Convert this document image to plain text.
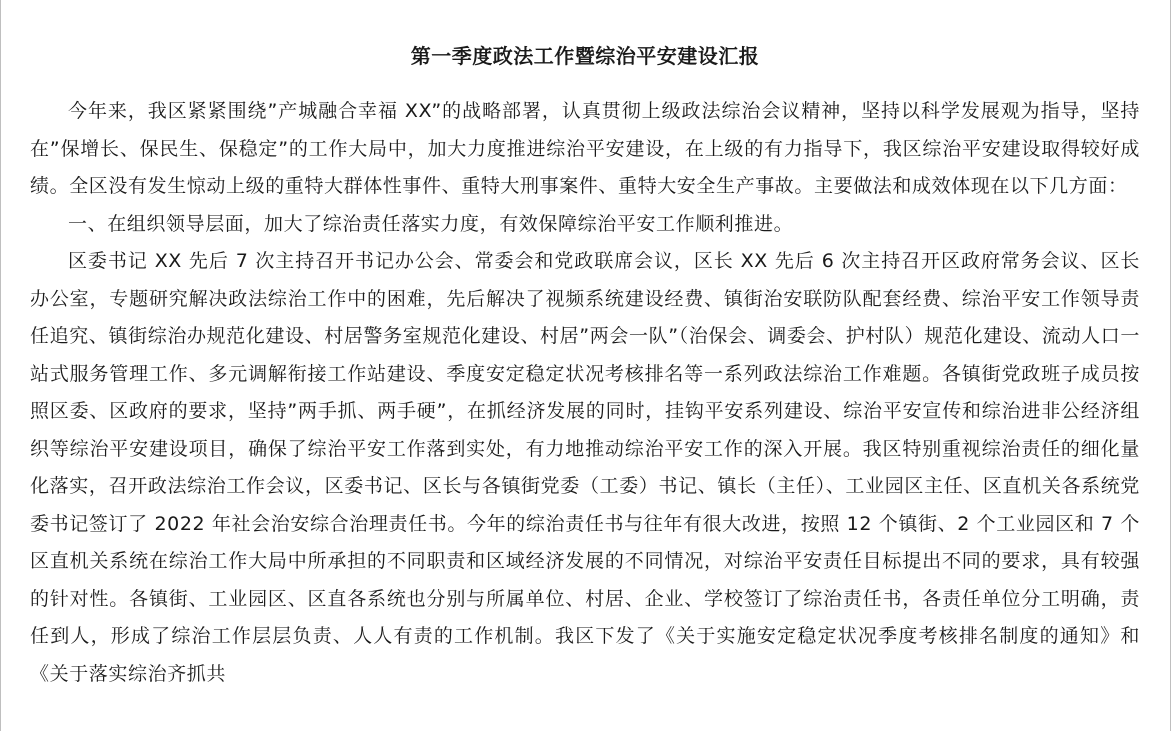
第一季度政法工作暨综治平安建设汇报

今年来，我区紧紧围绕”产城融合幸福 XX”的战略部署，认真贯彻上级政法综治会议精神，坚持以科学发展观为指导，坚持在”保增长、保民生、保稳定”的工作大局中，加大力度推进综治平安建设，在上级的有力指导下，我区综治平安建设取得较好成绩。全区没有发生惊动上级的重特大群体性事件、重特大刑事案件、重特大安全生产事故。主要做法和成效体现在以下几方面：

一、在组织领导层面，加大了综治责任落实力度，有效保障综治平安工作顺利推进。

区委书记 XX 先后 7 次主持召开书记办公会、常委会和党政联席会议，区长 XX 先后 6 次主持召开区政府常务会议、区长办公室，专题研究解决政法综治工作中的困难，先后解决了视频系统建设经费、镇街治安联防队配套经费、综治平安工作领导责任追究、镇街综治办规范化建设、村居警务室规范化建设、村居”两会一队”（治保会、调委会、护村队）规范化建设、流动人口一站式服务管理工作、多元调解衔接工作站建设、季度安定稳定状况考核排名等一系列政法综治工作难题。各镇街党政班子成员按照区委、区政府的要求，坚持”两手抓、两手硬”，在抓经济发展的同时，挂钩平安系列建设、综治平安宣传和综治进非公经济组织等综治平安建设项目，确保了综治平安工作落到实处，有力地推动综治平安工作的深入开展。我区特别重视综治责任的细化量化落实，召开政法综治工作会议，区委书记、区长与各镇街党委（工委）书记、镇长（主任）、工业园区主任、区直机关各系统党委书记签订了 2022 年社会治安综合治理责任书。今年的综治责任书与往年有很大改进，按照 12 个镇街、2 个工业园区和 7 个区直机关系统在综治工作大局中所承担的不同职责和区域经济发展的不同情况，对综治平安责任目标提出不同的要求，具有较强的针对性。各镇街、工业园区、区直各系统也分别与所属单位、村居、企业、学校签订了综治责任书，各责任单位分工明确，责任到人，形成了综治工作层层负责、人人有责的工作机制。我区下发了《关于实施安定稳定状况季度考核排名制度的通知》和《关于落实综治齐抓共
